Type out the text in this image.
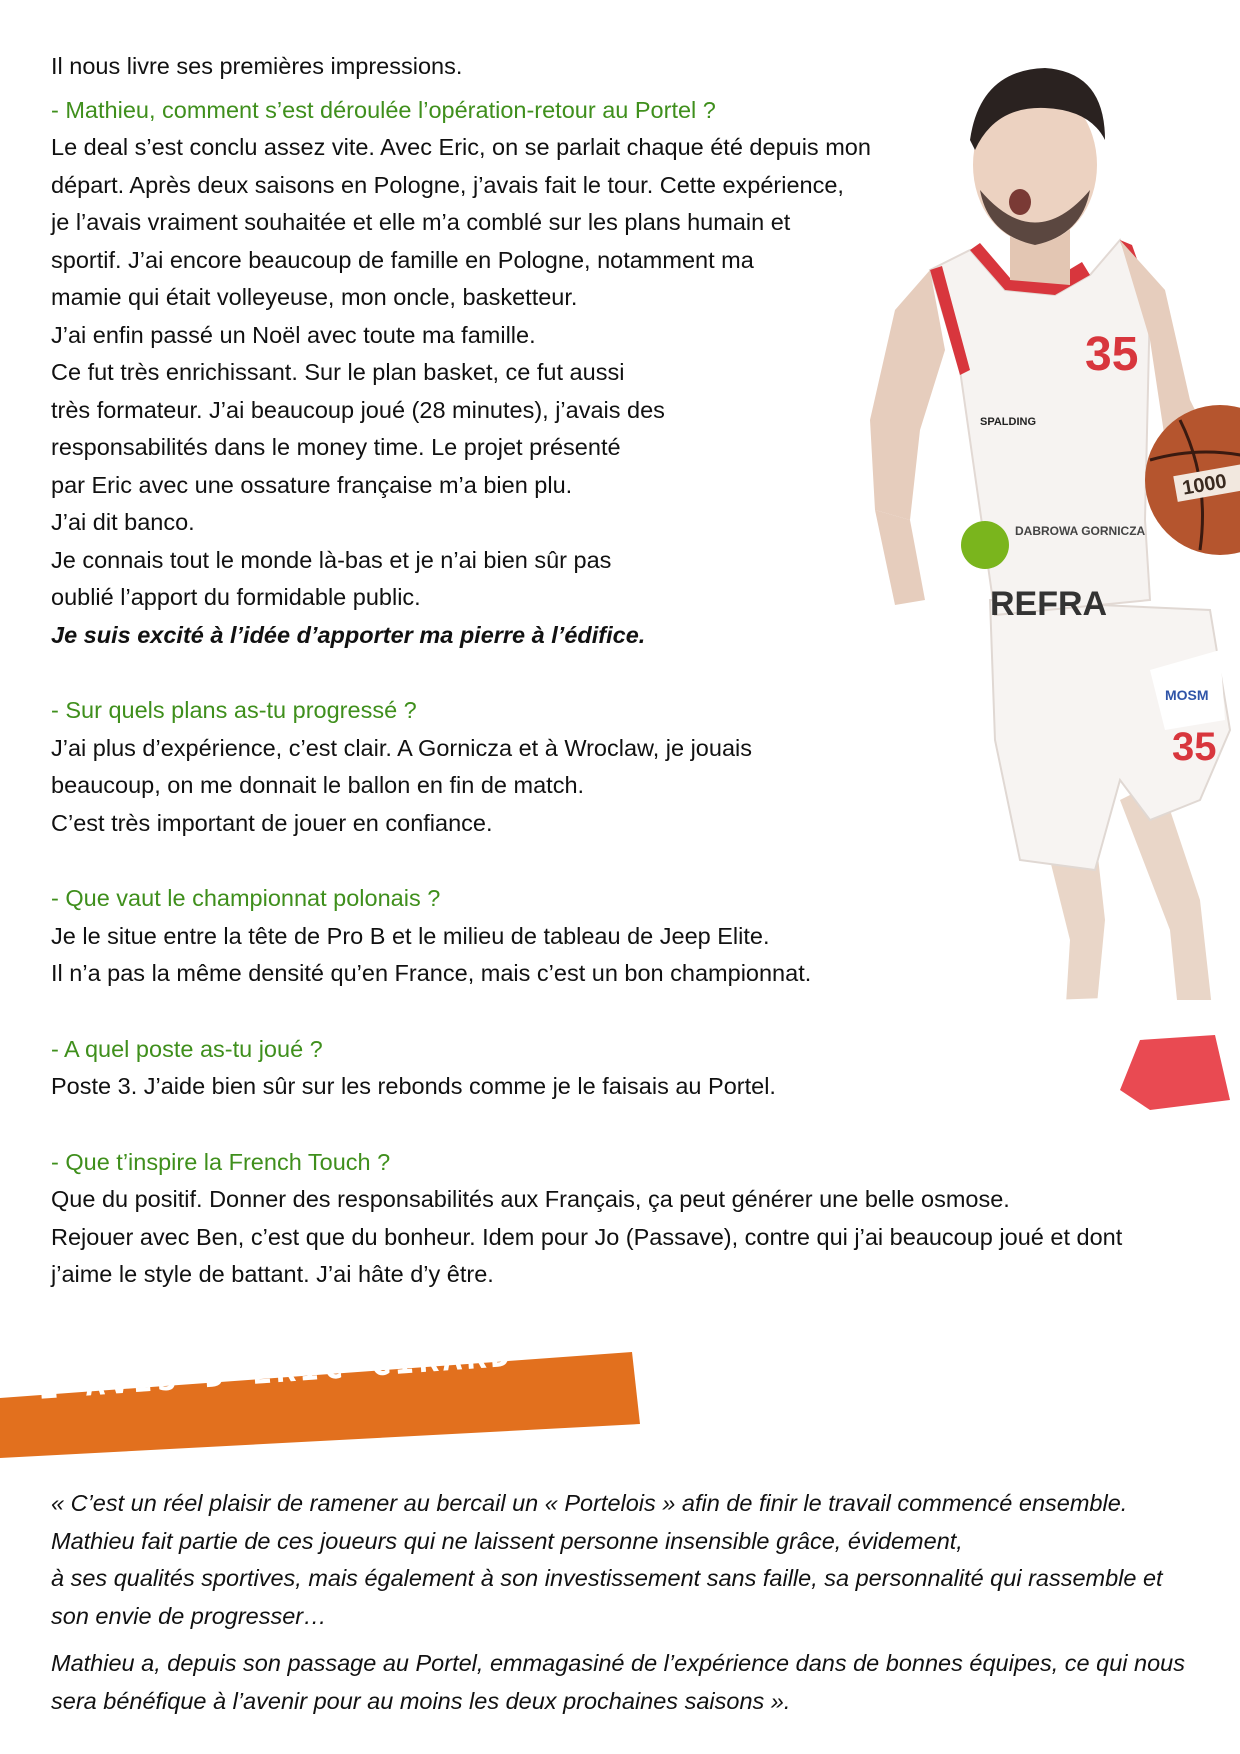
1000
35
SPALDING
DABROWA GORNICZA
REFRA
MOSM
35

Il nous livre ses premières impressions.

- Mathieu, comment s’est déroulée l’opération-retour au Portel ?

Le deal s’est conclu assez vite. Avec Eric, on se parlait chaque été depuis mon

départ. Après deux saisons en Pologne, j’avais fait le tour. Cette expérience,

je l’avais vraiment souhaitée et elle m’a comblé sur les plans humain et

sportif. J’ai encore beaucoup de famille en Pologne, notamment ma

mamie qui était volleyeuse, mon oncle, basketteur.

J’ai enfin passé un Noël avec toute ma famille.

Ce fut très enrichissant. Sur le plan basket, ce fut aussi

très formateur. J’ai beaucoup joué (28 minutes), j’avais des

responsabilités dans le money time. Le projet présenté

par Eric avec une ossature française m’a bien plu.

J’ai dit banco.

Je connais tout le monde là-bas et je n’ai bien sûr pas

oublié l’apport du formidable public.

Je suis excité à l’idée d’apporter ma pierre à l’édifice.

- Sur quels plans as-tu progressé ?

J’ai plus d’expérience, c’est clair. A Gornicza et à Wroclaw, je jouais

beaucoup, on me donnait le ballon en fin de match.

C’est très important de jouer en confiance.

- Que vaut le championnat polonais ?

Je le situe entre la tête de Pro B et le milieu de tableau de Jeep Elite.

Il n’a pas la même densité qu’en France, mais c’est un bon championnat.

- A quel poste as-tu joué ?

Poste 3. J’aide bien sûr sur les rebonds comme je le faisais au Portel.

- Que t’inspire la French Touch ?

Que du positif. Donner des responsabilités aux Français, ça peut générer une belle osmose.

Rejouer avec Ben, c’est que du bonheur. Idem pour Jo (Passave), contre qui j’ai beaucoup joué et dont

j’aime le style de battant. J’ai hâte d’y être.

L’AVIS D’ERIC GIRARD

« C’est un réel plaisir de ramener au bercail un « Portelois » afin de finir le travail commencé ensemble.

Mathieu fait partie de ces joueurs qui ne laissent personne insensible grâce, évidement,

à ses qualités sportives, mais également à son investissement sans faille, sa personnalité qui rassemble et

son envie de progresser…

Mathieu a, depuis son passage au Portel, emmagasiné de l’expérience dans de bonnes équipes, ce qui nous

sera bénéfique à l’avenir pour au moins les deux prochaines saisons ».
